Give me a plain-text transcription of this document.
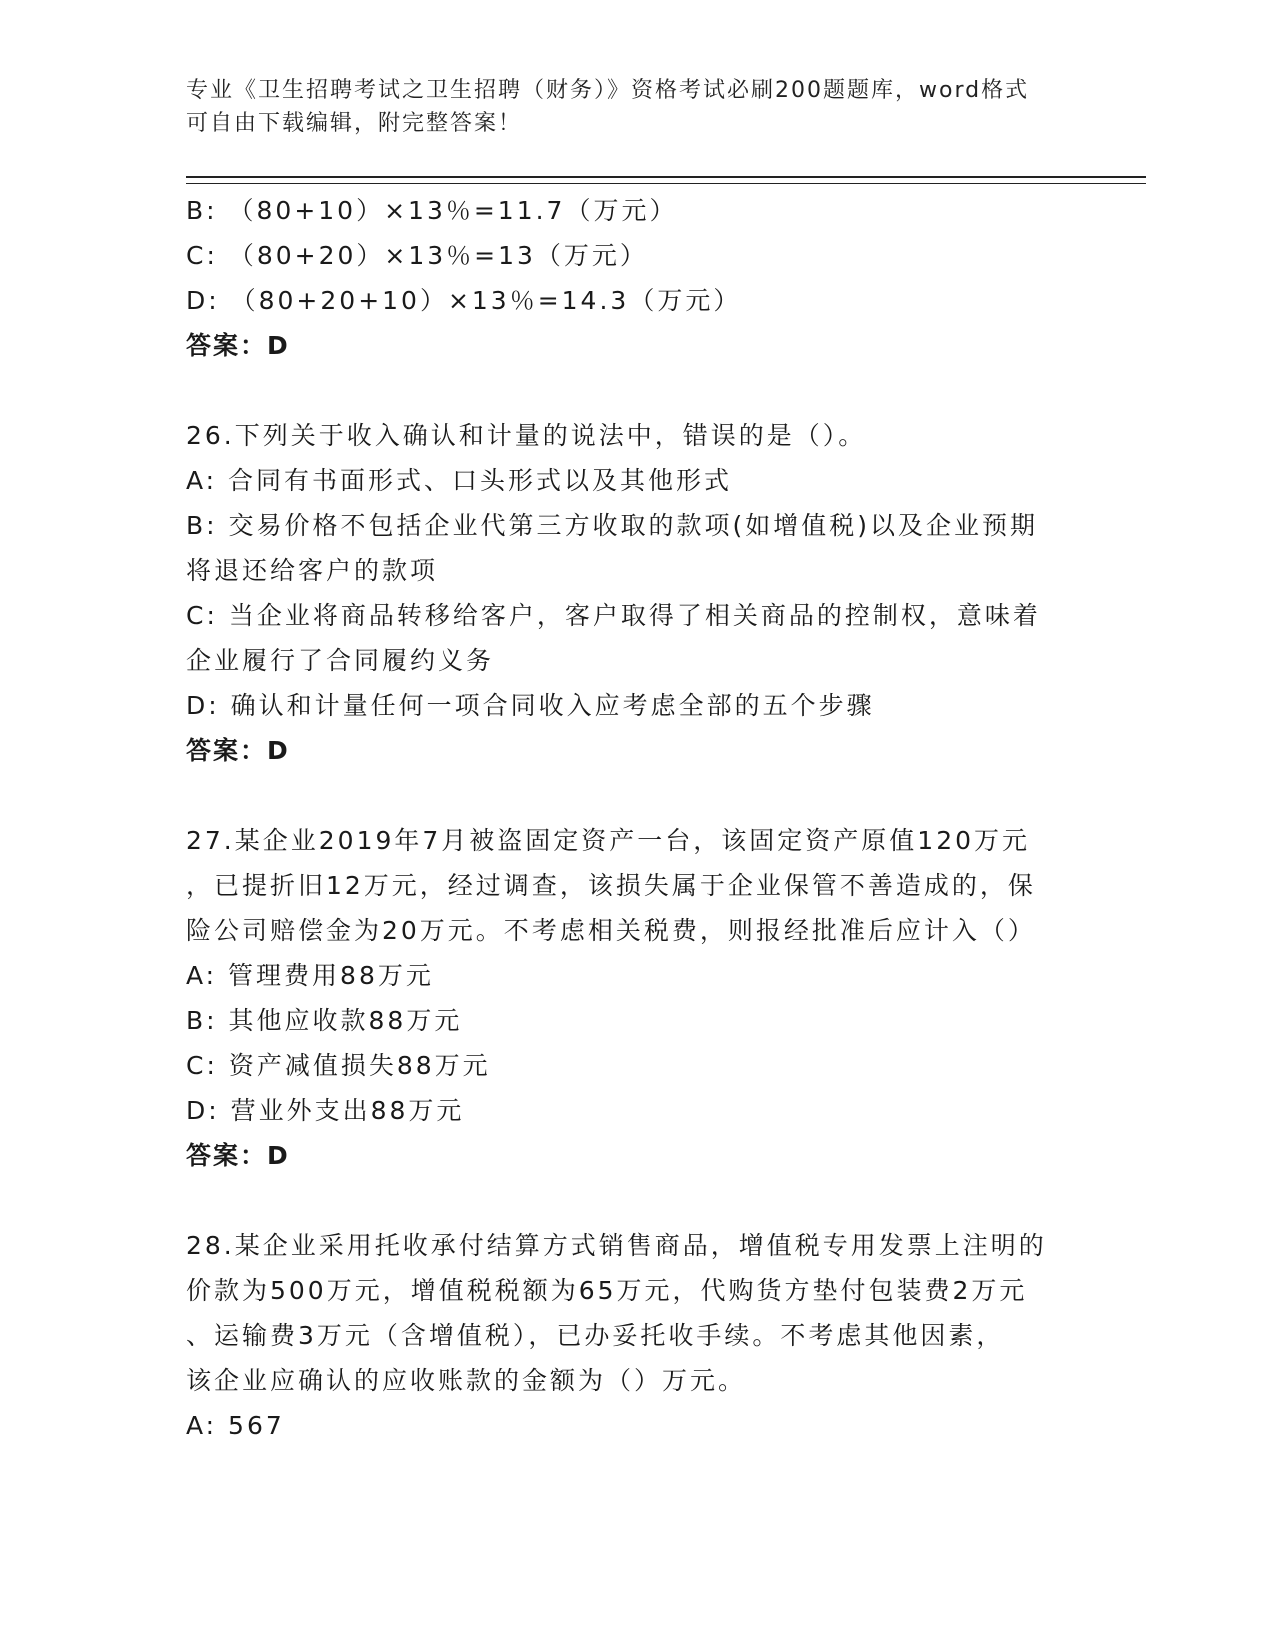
专业《卫生招聘考试之卫生招聘（财务）》资格考试必刷200题题库，word格式
可自由下载编辑，附完整答案！
B: （80+10）×13％=11.7（万元）
C: （80+20）×13％=13（万元）
D: （80+20+10）×13％=14.3（万元）
答案：D
26.下列关于收入确认和计量的说法中，错误的是（）。
A: 合同有书面形式、口头形式以及其他形式
B: 交易价格不包括企业代第三方收取的款项(如增值税)以及企业预期
将退还给客户的款项
C: 当企业将商品转移给客户，客户取得了相关商品的控制权，意味着
企业履行了合同履约义务
D: 确认和计量任何一项合同收入应考虑全部的五个步骤
答案：D
27.某企业2019年7月被盗固定资产一台，该固定资产原值120万元
，已提折旧12万元，经过调查，该损失属于企业保管不善造成的，保
险公司赔偿金为20万元。不考虑相关税费，则报经批准后应计入（）
A: 管理费用88万元
B: 其他应收款88万元
C: 资产减值损失88万元
D: 营业外支出88万元
答案：D
28.某企业采用托收承付结算方式销售商品，增值税专用发票上注明的
价款为500万元，增值税税额为65万元，代购货方垫付包装费2万元
、运输费3万元（含增值税），已办妥托收手续。不考虑其他因素，
该企业应确认的应收账款的金额为（）万元。
A: 567
